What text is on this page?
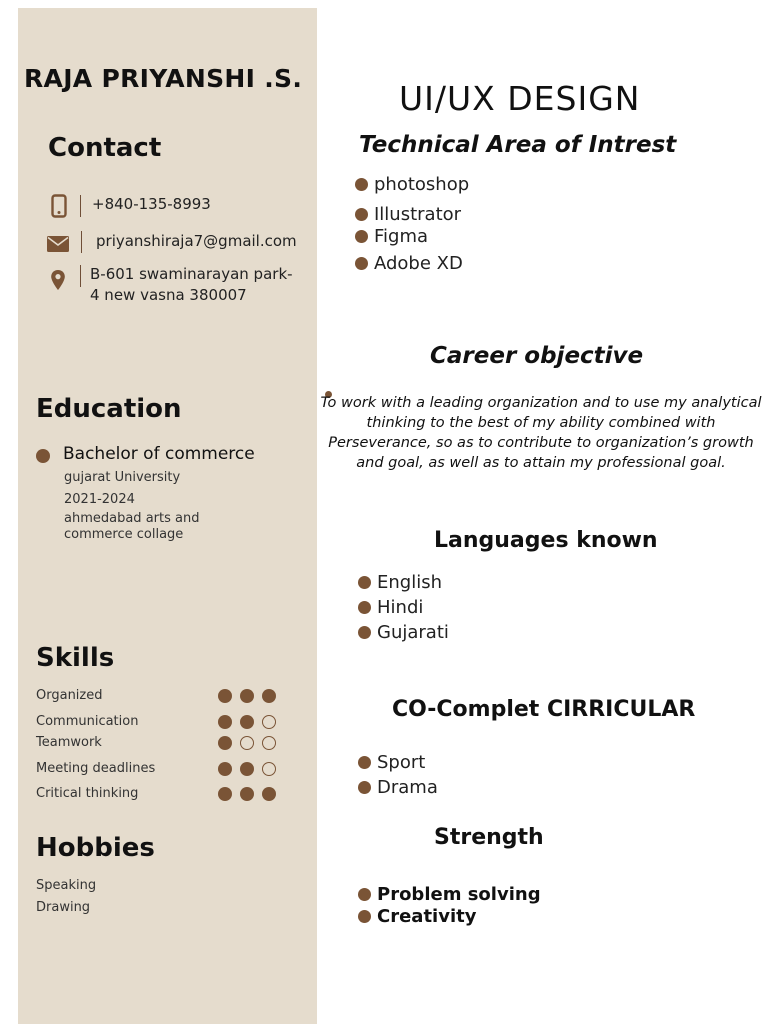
RAJA PRIYANSHI .S.
Contact
+840-135-8993
priyanshiraja7@gmail.com
B-601 swaminarayan park-
4 new vasna 380007
Education
Bachelor of commerce
gujarat University
2021-2024
ahmedabad arts and
commerce collage
Skills
Organized
Communication
Teamwork
Meeting deadlines
Critical thinking
Hobbies
Speaking
Drawing
UI/UX DESIGN
Technical Area of Intrest
photoshop
Illustrator
Figma
Adobe XD
Career objective
To work with a leading organization and to use my analytical thinking to the best of my ability combined with Perseverance, so as to contribute to organization’s growth and goal, as well as to attain my professional goal.
Languages known
English
Hindi
Gujarati
CO-Complet CIRRICULAR
Sport
Drama
Strength
Problem solving
Creativity
